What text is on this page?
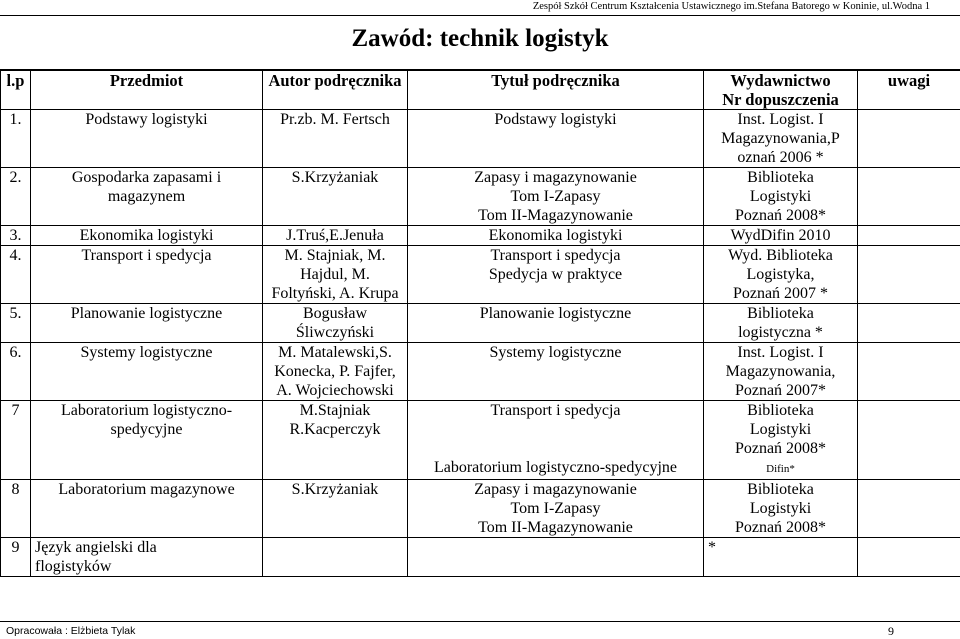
Zespół Szkół Centrum Kształcenia Ustawicznego im.Stefana Batorego w Koninie, ul.Wodna 1
Zawód: technik logistyk
l.p	Przedmiot	Autor podręcznika	Tytuł podręcznika	Wydawnictwo
Nr dopuszczenia	uwagi
1.	Podstawy logistyki	Pr.zb. M. Fertsch	Podstawy logistyki	Inst. Logist. I
Magazynowania,P
oznań 2006 *	
2.	Gospodarka zapasami i
magazynem	S.Krzyżaniak	Zapasy i magazynowanie
Tom I-Zapasy
Tom II-Magazynowanie	Biblioteka
Logistyki
Poznań 2008*	
3.	Ekonomika logistyki	J.Truś,E.Jenuła	Ekonomika logistyki	WydDifin 2010	
4.	Transport i spedycja	M. Stajniak, M.
Hajdul, M.
Foltyński, A. Krupa	Transport i spedycja
Spedycja w praktyce	Wyd. Biblioteka
Logistyka,
Poznań 2007 *	
5.	Planowanie logistyczne	Bogusław
Śliwczyński	Planowanie logistyczne	Biblioteka
logistyczna *	
6.	Systemy logistyczne	M. Matalewski,S.
Konecka, P. Fajfer,
A. Wojciechowski	Systemy logistyczne	Inst. Logist. I
Magazynowania,
Poznań 2007*	
7	Laboratorium logistyczno-
spedycyjne	M.Stajniak
R.Kacperczyk	Transport i spedycja
Laboratorium logistyczno-spedycyjne	Biblioteka
Logistyki
Poznań 2008*
Difin*	
8	Laboratorium magazynowe	S.Krzyżaniak	Zapasy i magazynowanie
Tom I-Zapasy
Tom II-Magazynowanie	Biblioteka
Logistyki
Poznań 2008*	
9	Język angielski dla
flogistyków			*	
Opracowała : Elżbieta Tylak	9
